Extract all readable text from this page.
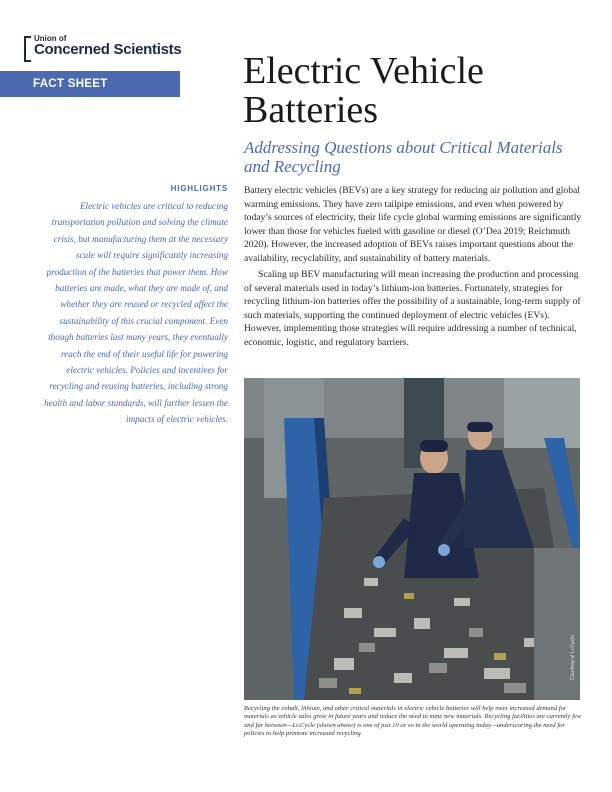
Union of
Concerned Scientists
FACT SHEET	Electric Vehicle Batteries
Addressing Questions about Critical Materials and Recycling
HIGHLIGHTS

Electric vehicles are critical to reducing transportation pollution and solving the climate crisis, but manufacturing them at the necessary scale will require significantly increasing production of the batteries that power them. How batteries are made, what they are made of, and whether they are reused or recycled affect the sustainability of this crucial component. Even though batteries last many years, they eventually reach the end of their useful life for powering electric vehicles. Policies and incentives for recycling and reusing batteries, including strong health and labor standards, will further lessen the impacts of electric vehicles.

Battery electric vehicles (BEVs) are a key strategy for reducing air pollution and global warming emissions. They have zero tailpipe emissions, and even when powered by today’s sources of electricity, their life cycle global warming emissions are significantly lower than those for vehicles fueled with gasoline or diesel (O’Dea 2019; Reichmuth 2020). However, the increased adoption of BEVs raises important questions about the availability, recyclability, and sustainability of battery materials.

Scaling up BEV manufacturing will mean increasing the production and processing of several materials used in today’s lithium-ion batteries. Fortunately, strategies for recycling lithium-ion batteries offer the possibility of a sustainable, long-term supply of such materials, supporting the continued deployment of electric vehicles (EVs). However, implementing those strategies will require addressing a number of technical, economic, logistic, and regulatory barriers.

Courtesy of Li-Cycle

Recycling the cobalt, lithium, and other critical materials in electric vehicle batteries will help meet increased demand for materials as vehicle sales grow in future years and reduce the need to mine new materials. Recycling facilities are currently few and far between—Li-Cycle (shown above) is one of just 10 or so in the world operating today—underscoring the need for policies to help promote increased recycling.
